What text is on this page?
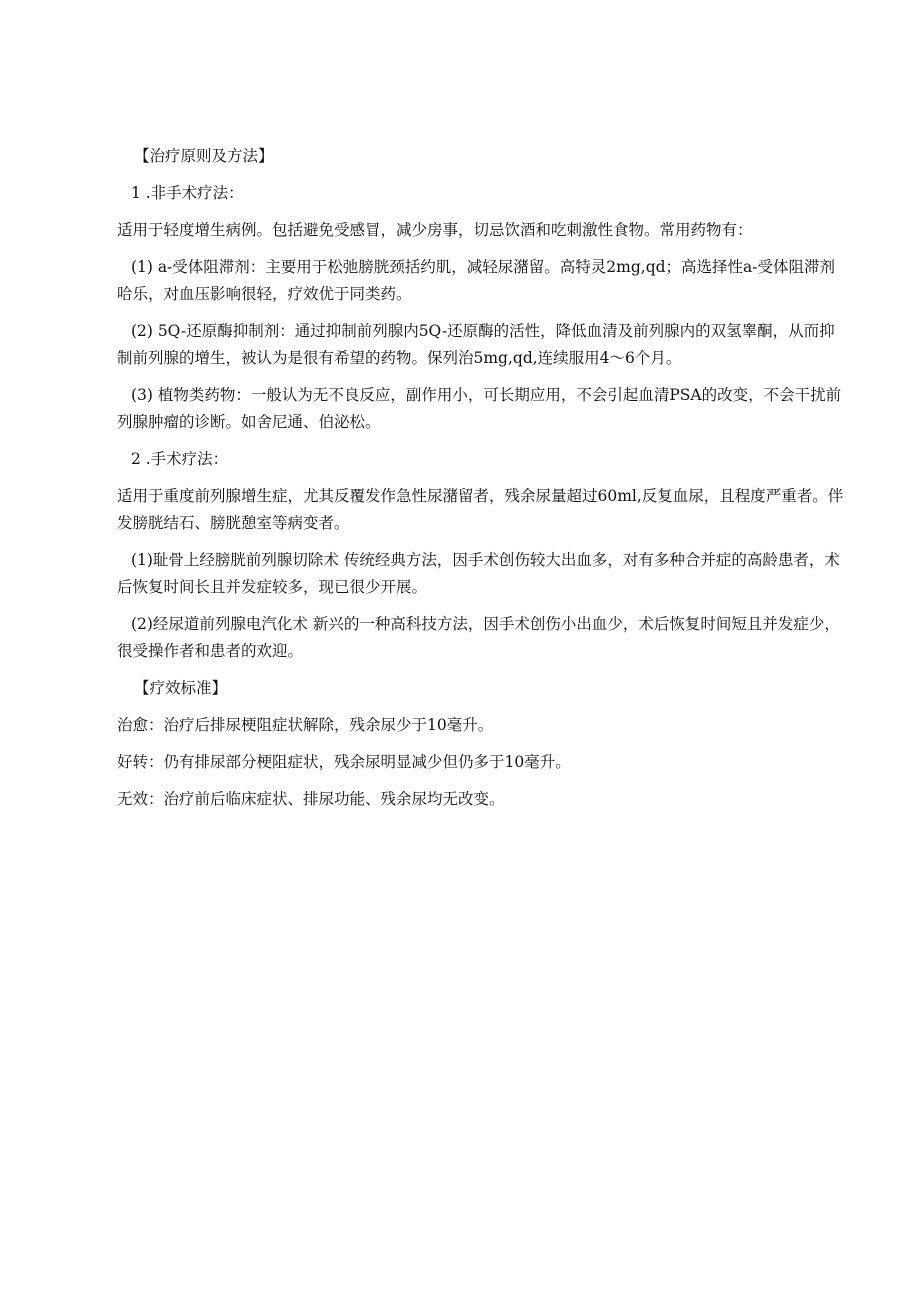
【治疗原则及方法】

1 .非手术疗法：

适用于轻度增生病例。包括避免受感冒，减少房事，切忌饮酒和吃刺激性食物。常用药物有：

(1) a-受体阻滞剂：主要用于松弛膀胱颈括约肌，减轻尿潴留。高特灵2mg,qd；高选择性a-受体阻滞剂哈乐，对血压影响很轻，疗效优于同类药。

(2) 5Q-还原酶抑制剂：通过抑制前列腺内5Q-还原酶的活性，降低血清及前列腺内的双氢睾酮，从而抑制前列腺的增生，被认为是很有希望的药物。保列治5mg,qd,连续服用4～6个月。

(3) 植物类药物：一般认为无不良反应，副作用小，可长期应用，不会引起血清PSA的改变，不会干扰前列腺肿瘤的诊断。如舍尼通、伯泌松。

2 .手术疗法：

适用于重度前列腺增生症，尤其反覆发作急性尿潴留者，残余尿量超过60ml,反复血尿，且程度严重者。伴发膀胱结石、膀胱憩室等病变者。

(1)耻骨上经膀胱前列腺切除术 传统经典方法，因手术创伤较大出血多，对有多种合并症的高龄患者，术后恢复时间长且并发症较多，现已很少开展。

(2)经尿道前列腺电汽化术 新兴的一种高科技方法，因手术创伤小出血少，术后恢复时间短且并发症少，很受操作者和患者的欢迎。

【疗效标准】

治愈：治疗后排尿梗阻症状解除，残余尿少于10毫升。

好转：仍有排尿部分梗阻症状，残余尿明显减少但仍多于10毫升。

无效：治疗前后临床症状、排尿功能、残余尿均无改变。
